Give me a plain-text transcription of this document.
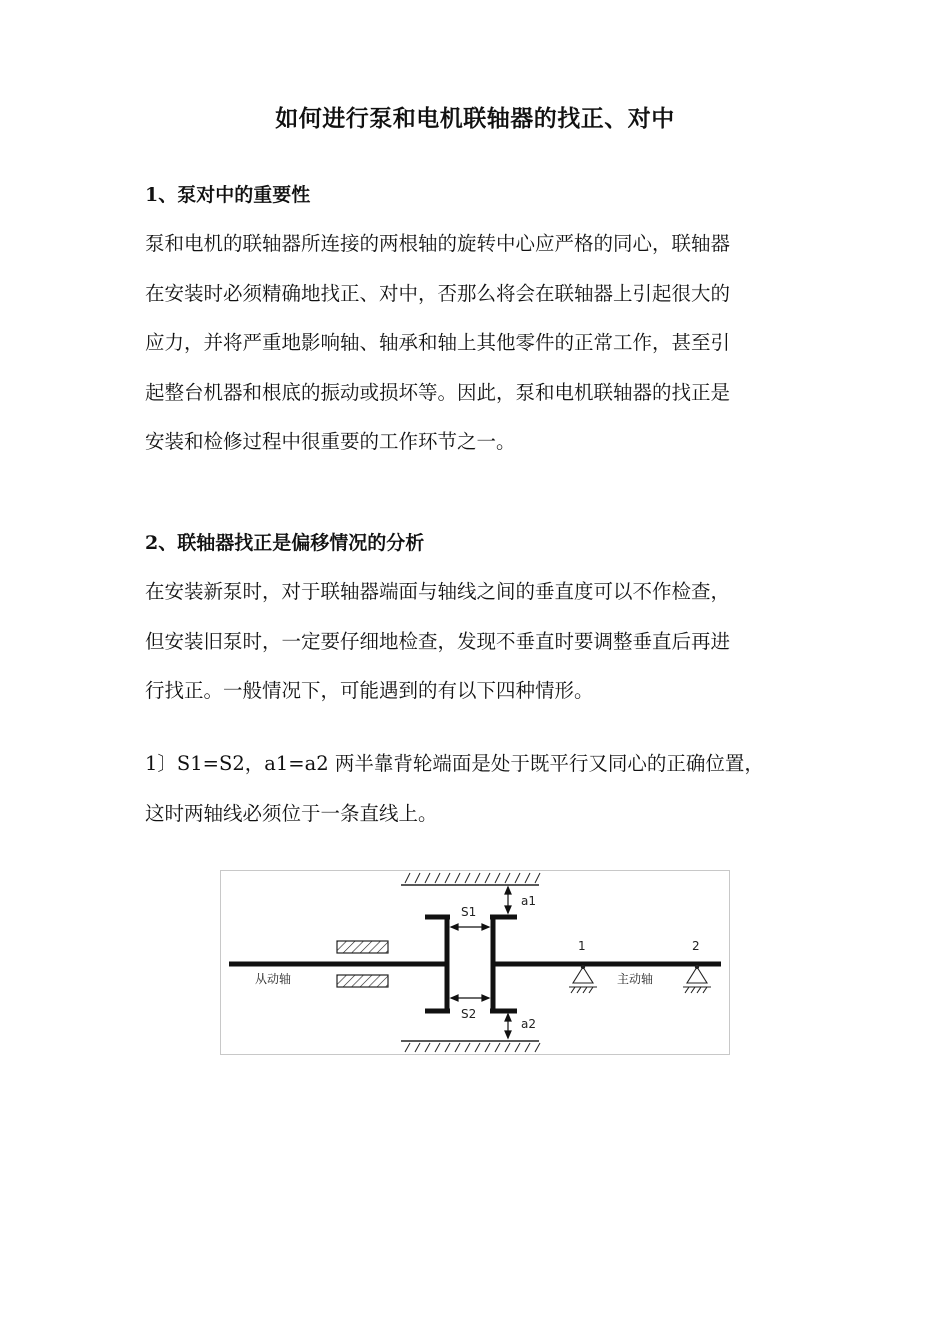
如何进行泵和电机联轴器的找正、对中
1、泵对中的重要性
泵和电机的联轴器所连接的两根轴的旋转中心应严格的同心，联轴器
在安装时必须精确地找正、对中，否那么将会在联轴器上引起很大的
应力，并将严重地影响轴、轴承和轴上其他零件的正常工作，甚至引
起整台机器和根底的振动或损坏等。因此，泵和电机联轴器的找正是
安装和检修过程中很重要的工作环节之一。
2、联轴器找正是偏移情况的分析
在安装新泵时，对于联轴器端面与轴线之间的垂直度可以不作检查，
但安装旧泵时，一定要仔细地检查，发现不垂直时要调整垂直后再进
行找正。一般情况下，可能遇到的有以下四种情形。
1〕S1=S2，a1=a2 两半靠背轮端面是处于既平行又同心的正确位置，
这时两轴线必须位于一条直线上。
S1
S2
a1
a2
1	2
从动轴	主动轴
